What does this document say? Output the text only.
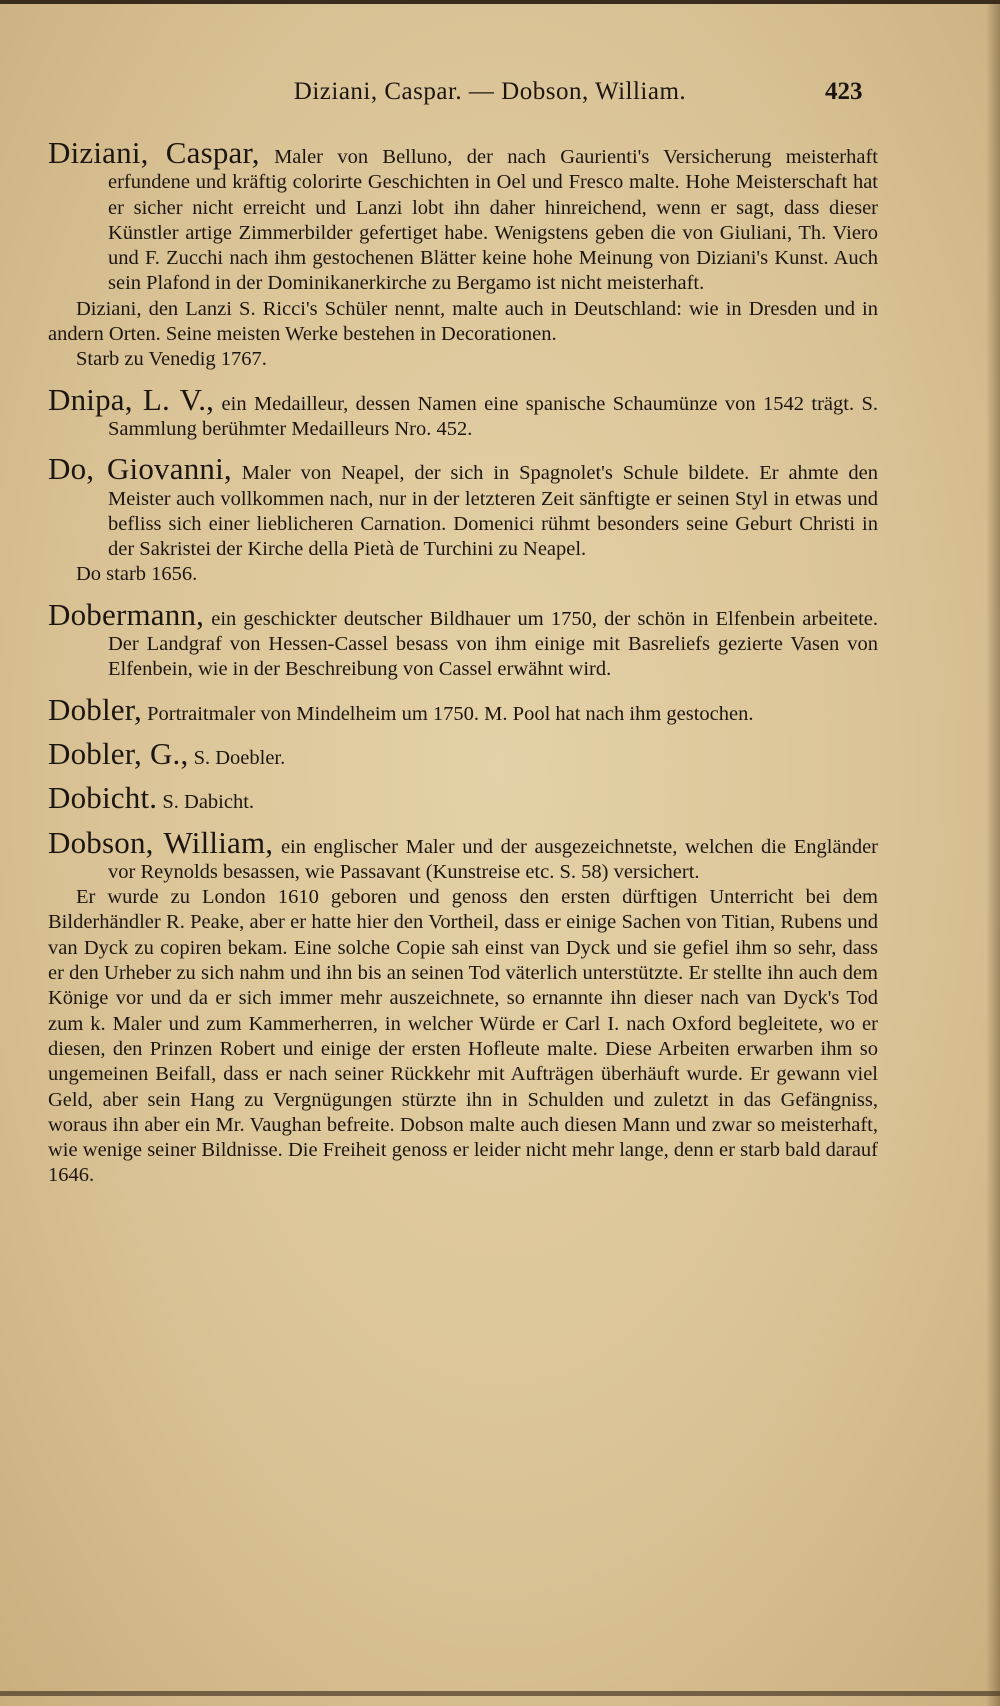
Diziani, Caspar. — Dobson, William.	423

Diziani, Caspar, Maler von Belluno, der nach Gaurienti's Versicherung meisterhaft erfundene und kräftig colorirte Geschichten in Oel und Fresco malte. Hohe Meisterschaft hat er sicher nicht erreicht und Lanzi lobt ihn daher hinreichend, wenn er sagt, dass dieser Künstler artige Zimmerbilder gefertiget habe. Wenigstens geben die von Giuliani, Th. Viero und F. Zucchi nach ihm gestochenen Blätter keine hohe Meinung von Diziani's Kunst. Auch sein Plafond in der Dominikanerkirche zu Bergamo ist nicht meisterhaft.

Diziani, den Lanzi S. Ricci's Schüler nennt, malte auch in Deutschland: wie in Dresden und in andern Orten. Seine meisten Werke bestehen in Decorationen.

Starb zu Venedig 1767.

Dnipa, L. V., ein Medailleur, dessen Namen eine spanische Schaumünze von 1542 trägt. S. Sammlung berühmter Medailleurs Nro. 452.

Do, Giovanni, Maler von Neapel, der sich in Spagnolet's Schule bildete. Er ahmte den Meister auch vollkommen nach, nur in der letzteren Zeit sänftigte er seinen Styl in etwas und befliss sich einer lieblicheren Carnation. Domenici rühmt besonders seine Geburt Christi in der Sakristei der Kirche della Pietà de Turchini zu Neapel.

Do starb 1656.

Dobermann, ein geschickter deutscher Bildhauer um 1750, der schön in Elfenbein arbeitete. Der Landgraf von Hessen-Cassel besass von ihm einige mit Basreliefs gezierte Vasen von Elfenbein, wie in der Beschreibung von Cassel erwähnt wird.

Dobler, Portraitmaler von Mindelheim um 1750. M. Pool hat nach ihm gestochen.

Dobler, G., S. Doebler.

Dobicht. S. Dabicht.

Dobson, William, ein englischer Maler und der ausgezeichnetste, welchen die Engländer vor Reynolds besassen, wie Passavant (Kunstreise etc. S. 58) versichert.

Er wurde zu London 1610 geboren und genoss den ersten dürftigen Unterricht bei dem Bilderhändler R. Peake, aber er hatte hier den Vortheil, dass er einige Sachen von Titian, Rubens und van Dyck zu copiren bekam. Eine solche Copie sah einst van Dyck und sie gefiel ihm so sehr, dass er den Urheber zu sich nahm und ihn bis an seinen Tod väterlich unterstützte. Er stellte ihn auch dem Könige vor und da er sich immer mehr auszeichnete, so ernannte ihn dieser nach van Dyck's Tod zum k. Maler und zum Kammerherren, in welcher Würde er Carl I. nach Oxford begleitete, wo er diesen, den Prinzen Robert und einige der ersten Hofleute malte. Diese Arbeiten erwarben ihm so ungemeinen Beifall, dass er nach seiner Rückkehr mit Aufträgen überhäuft wurde. Er gewann viel Geld, aber sein Hang zu Vergnügungen stürzte ihn in Schulden und zuletzt in das Gefängniss, woraus ihn aber ein Mr. Vaughan befreite. Dobson malte auch diesen Mann und zwar so meisterhaft, wie wenige seiner Bildnisse. Die Freiheit genoss er leider nicht mehr lange, denn er starb bald darauf 1646.
